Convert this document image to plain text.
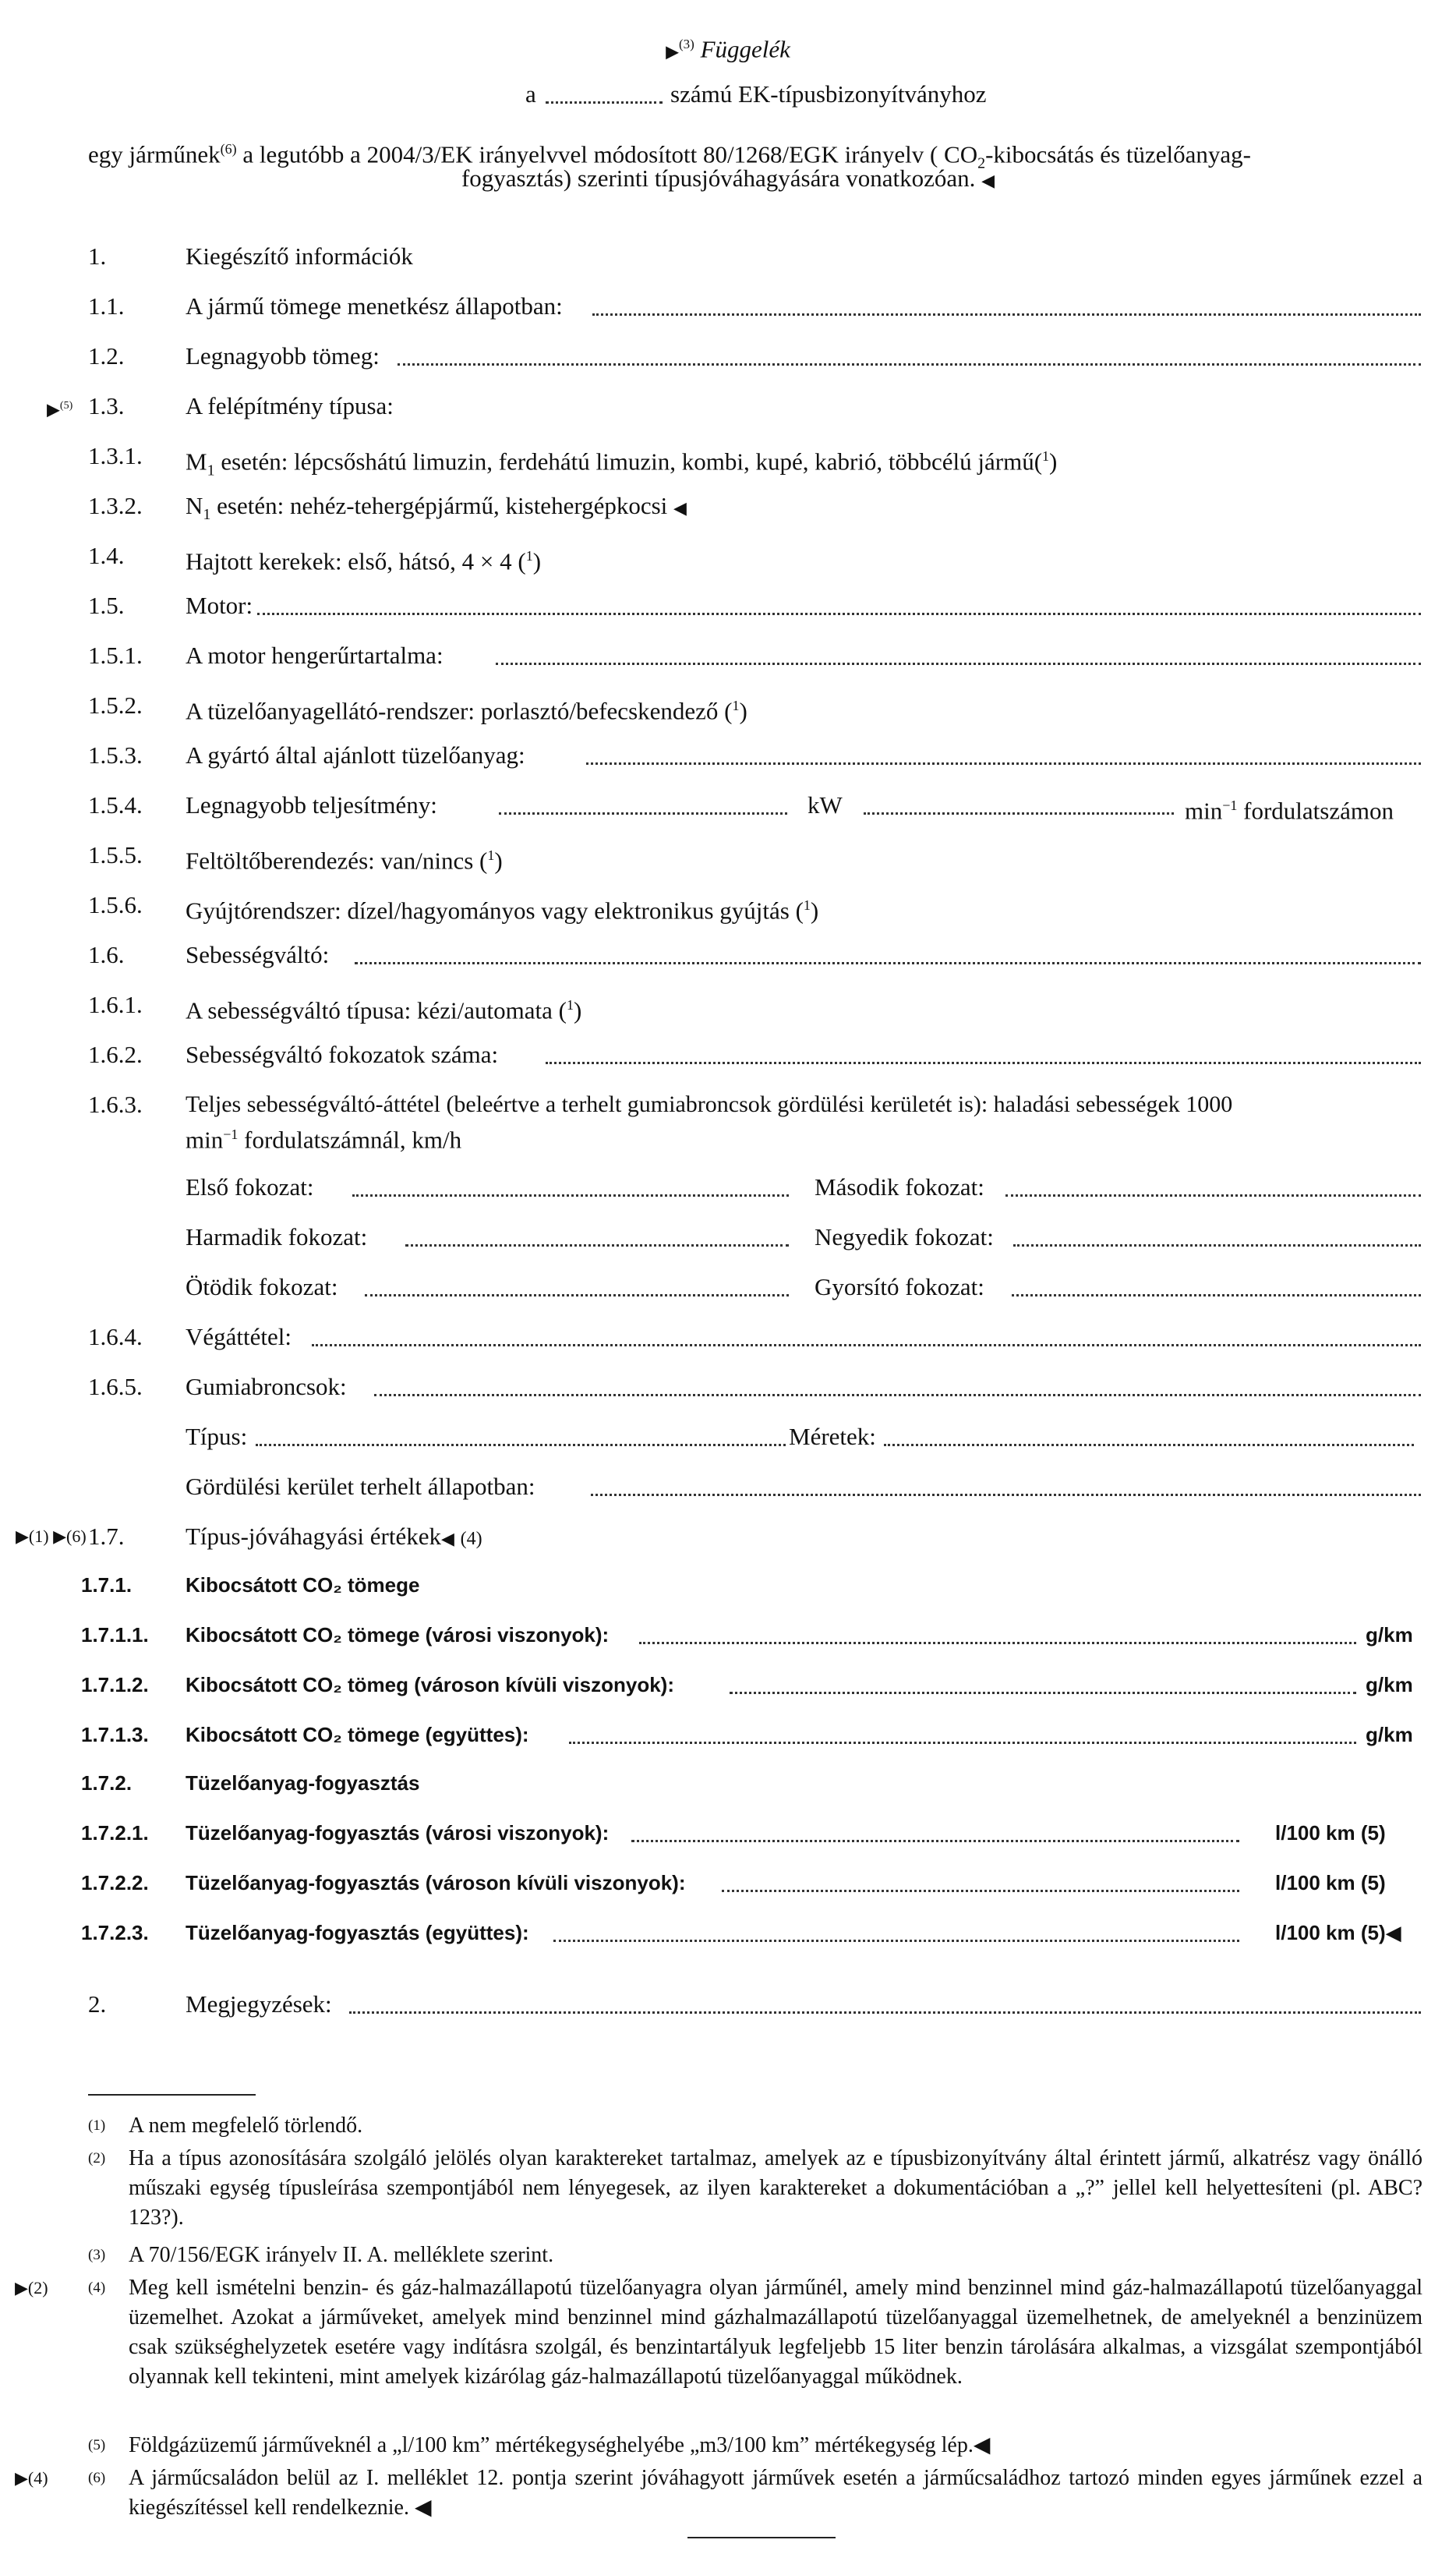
▶$^{(3)}$ Függelék
a	számú EK-típusbizonyítványhoz
egy járműnek$^{(6)}$ a legutóbb a 2004/3/EK irányelvvel módosított 80/1268/EGK irányelv ( $CO_2$-kibocsátás és tüzelőanyag-
fogyasztás) szerinti típusjóváhagyására vonatkozóan. ◀
1.	Kiegészítő információk
1.1.	A jármű tömege menetkész állapotban:
1.2.	Legnagyobb tömeg:
▶$^{(5)}$ 1.3.	A felépítmény típusa:
1.3.1. $M_1$ esetén: lépcsőshátú limuzin, ferdehátú limuzin, kombi, kupé, kabrió, többcélú jármű($^1$)
1.3.2. $N_1$ esetén: nehéz-tehergépjármű, kistehergépkocsi ◀
1.4.	Hajtott kerekek: első, hátsó, 4 × 4 ($^1$)
1.5.	Motor:
1.5.1. A motor hengerűrtartalma:
1.5.2. A tüzelőanyagellátó-rendszer: porlasztó/befecskendező ($^1$)
1.5.3. A gyártó által ajánlott tüzelőanyag:
1.5.4. Legnagyobb teljesítmény:	kW	min$^{-1}$ fordulatszámon
1.5.5. Feltöltőberendezés: van/nincs ($^1$)
1.5.6. Gyújtórendszer: dízel/hagyományos vagy elektronikus gyújtás ($^1$)
1.6.	Sebességváltó:
1.6.1. A sebességváltó típusa: kézi/automata ($^1$)
1.6.2. Sebességváltó fokozatok száma:
1.6.3. Teljes sebességváltó-áttétel (beleértve a terhelt gumiabroncsok gördülési kerületét is): haladási sebességek 1000
min$^{-1}$ fordulatszámnál, km/h
Első fokozat:	Második fokozat:
Harmadik fokozat:	Negyedik fokozat:
Ötödik fokozat:	Gyorsító fokozat:
1.6.4. Végáttétel:
1.6.5. Gumiabroncsok:
Típus:	Méretek:
Gördülési kerület terhelt állapotban:
▶(1) ▶(6) 1.7.	Típus-jóváhagyási értékek◀ (4)
1.7.1.	Kibocsátott CO₂ tömege
1.7.1.1. Kibocsátott CO₂ tömege (városi viszonyok):	g/km
1.7.1.2. Kibocsátott CO₂ tömeg (városon kívüli viszonyok):	g/km
1.7.1.3. Kibocsátott CO₂ tömege (együttes):	g/km
1.7.2.	Tüzelőanyag-fogyasztás
1.7.2.1. Tüzelőanyag-fogyasztás (városi viszonyok):	l/100 km (5)
1.7.2.2. Tüzelőanyag-fogyasztás (városon kívüli viszonyok):	l/100 km (5)
1.7.2.3. Tüzelőanyag-fogyasztás (együttes):	l/100 km (5)◀
2.	Megjegyzések:
(1) A nem megfelelő törlendő.
(2) Ha a típus azonosítására szolgáló jelölés olyan karaktereket tartalmaz, amelyek az e típusbizonyítvány által érintett jármű, alkatrész vagy önálló műszaki egység típusleírása szempontjából nem lényegesek, az ilyen karaktereket a dokumentációban a „?” jellel kell helyettesíteni (pl. ABC?123?).
(3) A 70/156/EGK irányelv II. A. melléklete szerint.
▶(2)	(4) Meg kell ismételni benzin- és gáz-halmazállapotú tüzelőanyagra olyan járműnél, amely mind benzinnel mind gáz-halmazállapotú tüzelőanyaggal üzemelhet. Azokat a járműveket, amelyek mind benzinnel mind gázhalmazállapotú tüzelőanyaggal üzemelhetnek, de amelyeknél a benzinüzem csak szükséghelyzetek esetére vagy indításra szolgál, és benzintartályuk legfeljebb 15 liter benzin tárolására alkalmas, a vizsgálat szempontjából olyannak kell tekinteni, mint amelyek kizárólag gáz-halmazállapotú tüzelőanyaggal működnek.
(5) Földgázüzemű járműveknél a „l/100 km” mértékegységhelyébe „m3/100 km” mértékegység lép.◀
▶(4)	(6) A járműcsaládon belül az I. melléklet 12. pontja szerint jóváhagyott járművek esetén a járműcsaládhoz tartozó minden egyes járműnek ezzel a kiegészítéssel kell rendelkeznie. ◀
